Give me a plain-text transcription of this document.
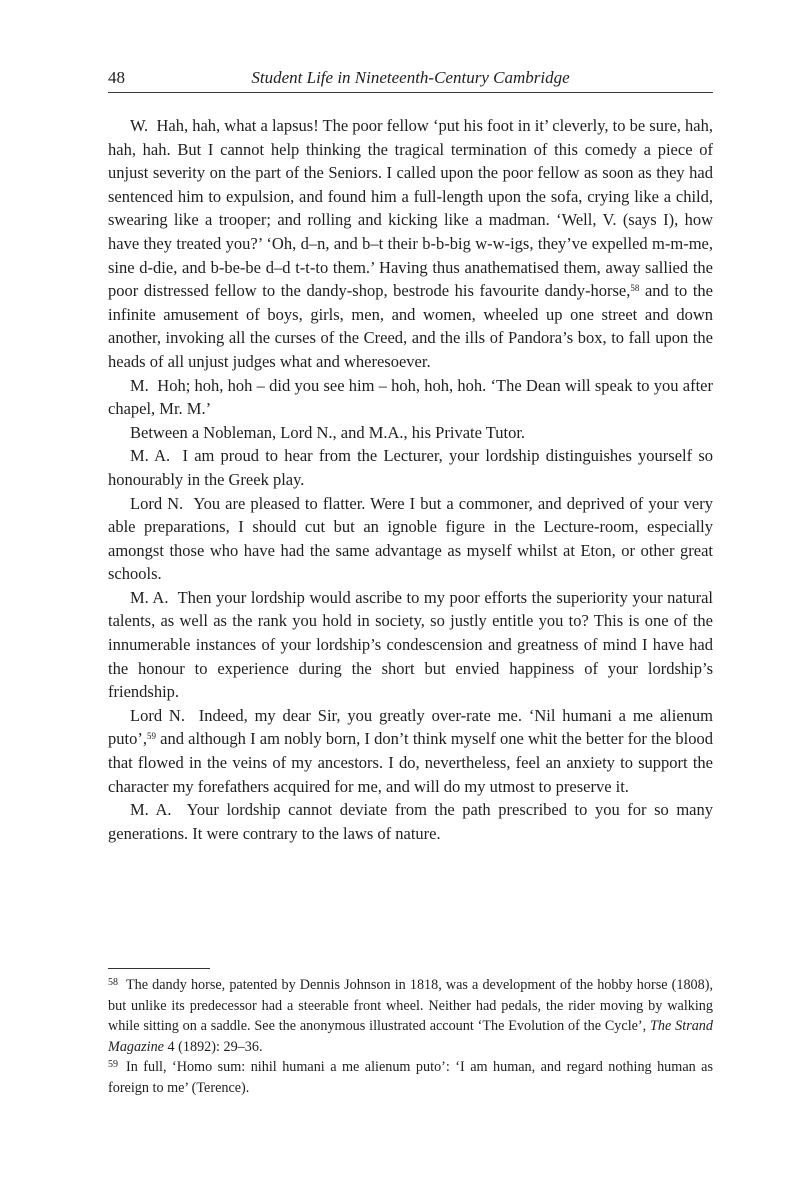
48	Student Life in Nineteenth-Century Cambridge

W.  Hah, hah, what a lapsus! The poor fellow ‘put his foot in it’ cleverly, to be sure, hah, hah, hah. But I cannot help thinking the tragical termination of this comedy a piece of unjust severity on the part of the Seniors. I called upon the poor fellow as soon as they had sentenced him to expulsion, and found him a full-length upon the sofa, crying like a child, swearing like a trooper; and rolling and kicking like a madman. ‘Well, V. (says I), how have they treated you?’ ‘Oh, d–n, and b–t their b-b-big w-w-igs, they’ve expelled m-m-me, sine d-die, and b-be-be d–d t-t-to them.’ Having thus anathematised them, away sallied the poor distressed fellow to the dandy-shop, bestrode his favourite dandy-horse,$^{58}$ and to the infinite amusement of boys, girls, men, and women, wheeled up one street and down another, invoking all the curses of the Creed, and the ills of Pandora’s box, to fall upon the heads of all unjust judges what and wheresoever.

M.  Hoh; hoh, hoh – did you see him – hoh, hoh, hoh. ‘The Dean will speak to you after chapel, Mr. M.’

Between a Nobleman, Lord N., and M.A., his Private Tutor.

M. A.  I am proud to hear from the Lecturer, your lordship distinguishes yourself so honourably in the Greek play.

Lord N.  You are pleased to flatter. Were I but a commoner, and deprived of your very able preparations, I should cut but an ignoble figure in the Lecture-room, especially amongst those who have had the same advantage as myself whilst at Eton, or other great schools.

M. A.  Then your lordship would ascribe to my poor efforts the superiority your natural talents, as well as the rank you hold in society, so justly entitle you to? This is one of the innumerable instances of your lordship’s condescension and greatness of mind I have had the honour to experience during the short but envied happiness of your lordship’s friendship.

Lord N.  Indeed, my dear Sir, you greatly over-rate me. ‘Nil humani a me alienum puto’,$^{59}$ and although I am nobly born, I don’t think myself one whit the better for the blood that flowed in the veins of my ancestors. I do, nevertheless, feel an anxiety to support the character my forefathers acquired for me, and will do my utmost to preserve it.

M. A.  Your lordship cannot deviate from the path prescribed to you for so many generations. It were contrary to the laws of nature.

$^{58}$ The dandy horse, patented by Dennis Johnson in 1818, was a development of the hobby horse (1808), but unlike its predecessor had a steerable front wheel. Neither had pedals, the rider moving by walking while sitting on a saddle. See the anonymous illustrated account ‘The Evolution of the Cycle’, The Strand Magazine 4 (1892): 29–36.

$^{59}$ In full, ‘Homo sum: nihil humani a me alienum puto’: ‘I am human, and regard nothing human as foreign to me’ (Terence).
